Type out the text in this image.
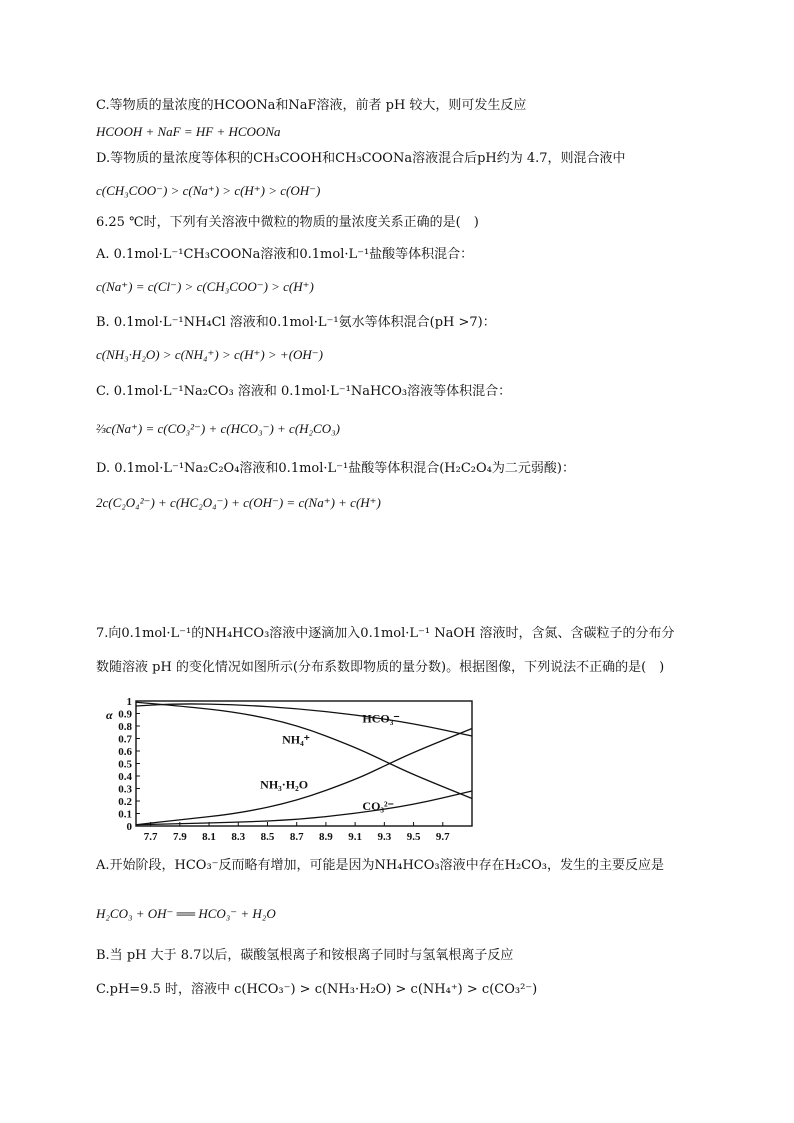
C.等物质的量浓度的HCOONa和NaF溶液，前者 pH 较大，则可发生反应
HCOOH + NaF = HF + HCOONa
D.等物质的量浓度等体积的CH₃COOH和CH₃COONa溶液混合后pH约为 4.7，则混合液中
c(CH₃COO⁻) > c(Na⁺) > c(H⁺) > c(OH⁻)
6.25 ℃时，下列有关溶液中微粒的物质的量浓度关系正确的是(　)
A. 0.1mol·L⁻¹CH₃COONa溶液和0.1mol·L⁻¹盐酸等体积混合：
c(Na⁺) = c(Cl⁻) > c(CH₃COO⁻) > c(H⁺)
B. 0.1mol·L⁻¹NH₄Cl 溶液和0.1mol·L⁻¹氨水等体积混合(pH >7)：
c(NH₃·H₂O) > c(NH₄⁺) > c(H⁺) > +(OH⁻)
C. 0.1mol·L⁻¹Na₂CO₃ 溶液和 0.1mol·L⁻¹NaHCO₃溶液等体积混合：
⅔c(Na⁺) = c(CO₃²⁻) + c(HCO₃⁻) + c(H₂CO₃)
D. 0.1mol·L⁻¹Na₂C₂O₄溶液和0.1mol·L⁻¹盐酸等体积混合(H₂C₂O₄为二元弱酸)：
2c(C₂O₄²⁻) + c(HC₂O₄⁻) + c(OH⁻) = c(Na⁺) + c(H⁺)
7.向0.1mol·L⁻¹的NH₄HCO₃溶液中逐滴加入0.1mol·L⁻¹ NaOH 溶液时，含氮、含碳粒子的分布分
数随溶液 pH 的变化情况如图所示(分布系数即物质的量分数)。根据图像，下列说法不正确的是(　)
α
0
0.1
0.2
0.3
0.4
0.5
0.6
0.7
0.8
0.9
1
7.7 7.9 8.1 8.3 8.5 8.7 8.9 9.1 9.3 9.5 9.7
HCO₃⁻
NH₄⁺
NH₃·H₂O
CO₃²⁻
A.开始阶段，HCO₃⁻反而略有增加，可能是因为NH₄HCO₃溶液中存在H₂CO₃，发生的主要反应是
H₂CO₃ + OH⁻ ══ HCO₃⁻ + H₂O
B.当 pH 大于 8.7以后，碳酸氢根离子和铵根离子同时与氢氧根离子反应
C.pH=9.5 时，溶液中 c(HCO₃⁻) > c(NH₃·H₂O) > c(NH₄⁺) > c(CO₃²⁻)
